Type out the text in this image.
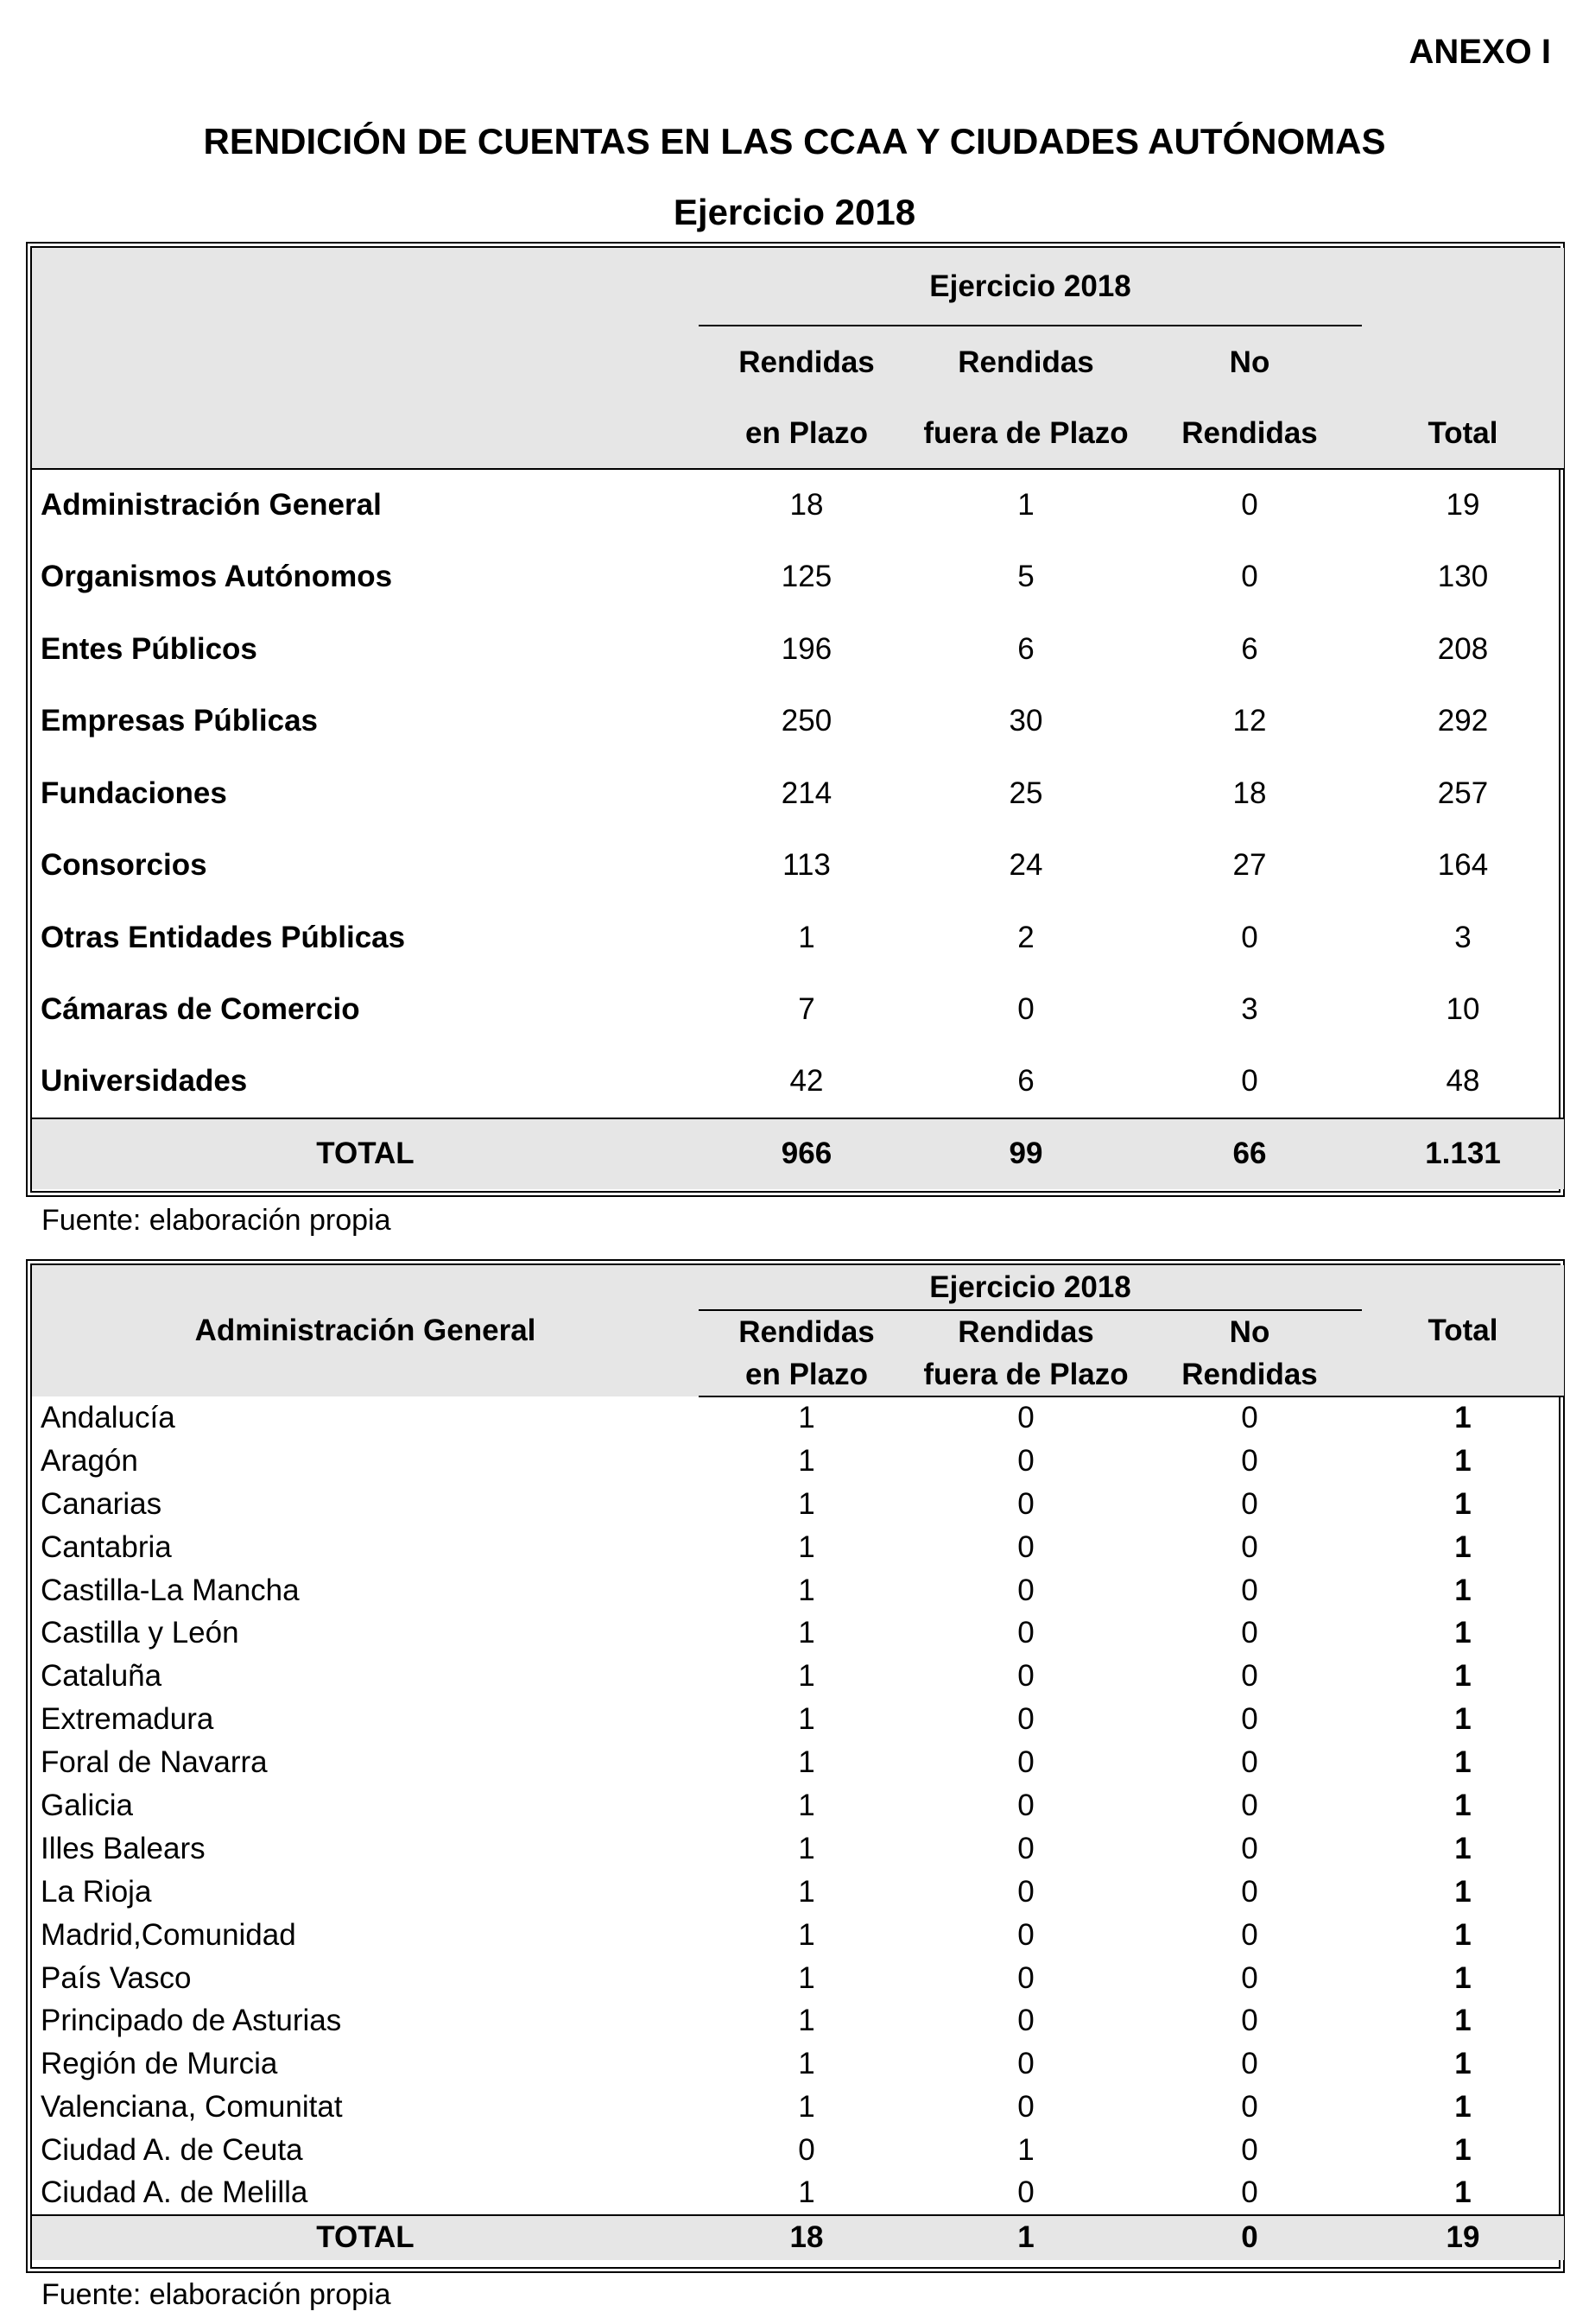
ANEXO I
RENDICIÓN DE CUENTAS EN LAS CCAA Y CIUDADES AUTÓNOMAS
Ejercicio 2018
	Ejercicio 2018			
	Rendidas	Rendidas	No	
	en Plazo	fuera de Plazo	Rendidas	Total
Administración General	18	1	0	19
Organismos Autónomos	125	5	0	130
Entes Públicos	196	6	6	208
Empresas Públicas	250	30	12	292
Fundaciones	214	25	18	257
Consorcios	113	24	27	164
Otras Entidades Públicas	1	2	0	3
Cámaras de Comercio	7	0	3	10
Universidades	42	6	0	48
TOTAL	966	99	66	1.131
Fuente: elaboración propia
Administración General	Ejercicio 2018			Total
	Rendidas	Rendidas	No	
	en Plazo	fuera de Plazo	Rendidas	
Andalucía	1	0	0	1
Aragón	1	0	0	1
Canarias	1	0	0	1
Cantabria	1	0	0	1
Castilla-La Mancha	1	0	0	1
Castilla y León	1	0	0	1
Cataluña	1	0	0	1
Extremadura	1	0	0	1
Foral de Navarra	1	0	0	1
Galicia	1	0	0	1
Illes Balears	1	0	0	1
La Rioja	1	0	0	1
Madrid,Comunidad	1	0	0	1
País Vasco	1	0	0	1
Principado de Asturias	1	0	0	1
Región de Murcia	1	0	0	1
Valenciana, Comunitat	1	0	0	1
Ciudad A. de Ceuta	0	1	0	1
Ciudad A. de Melilla	1	0	0	1
TOTAL	18	1	0	19
Fuente: elaboración propia
